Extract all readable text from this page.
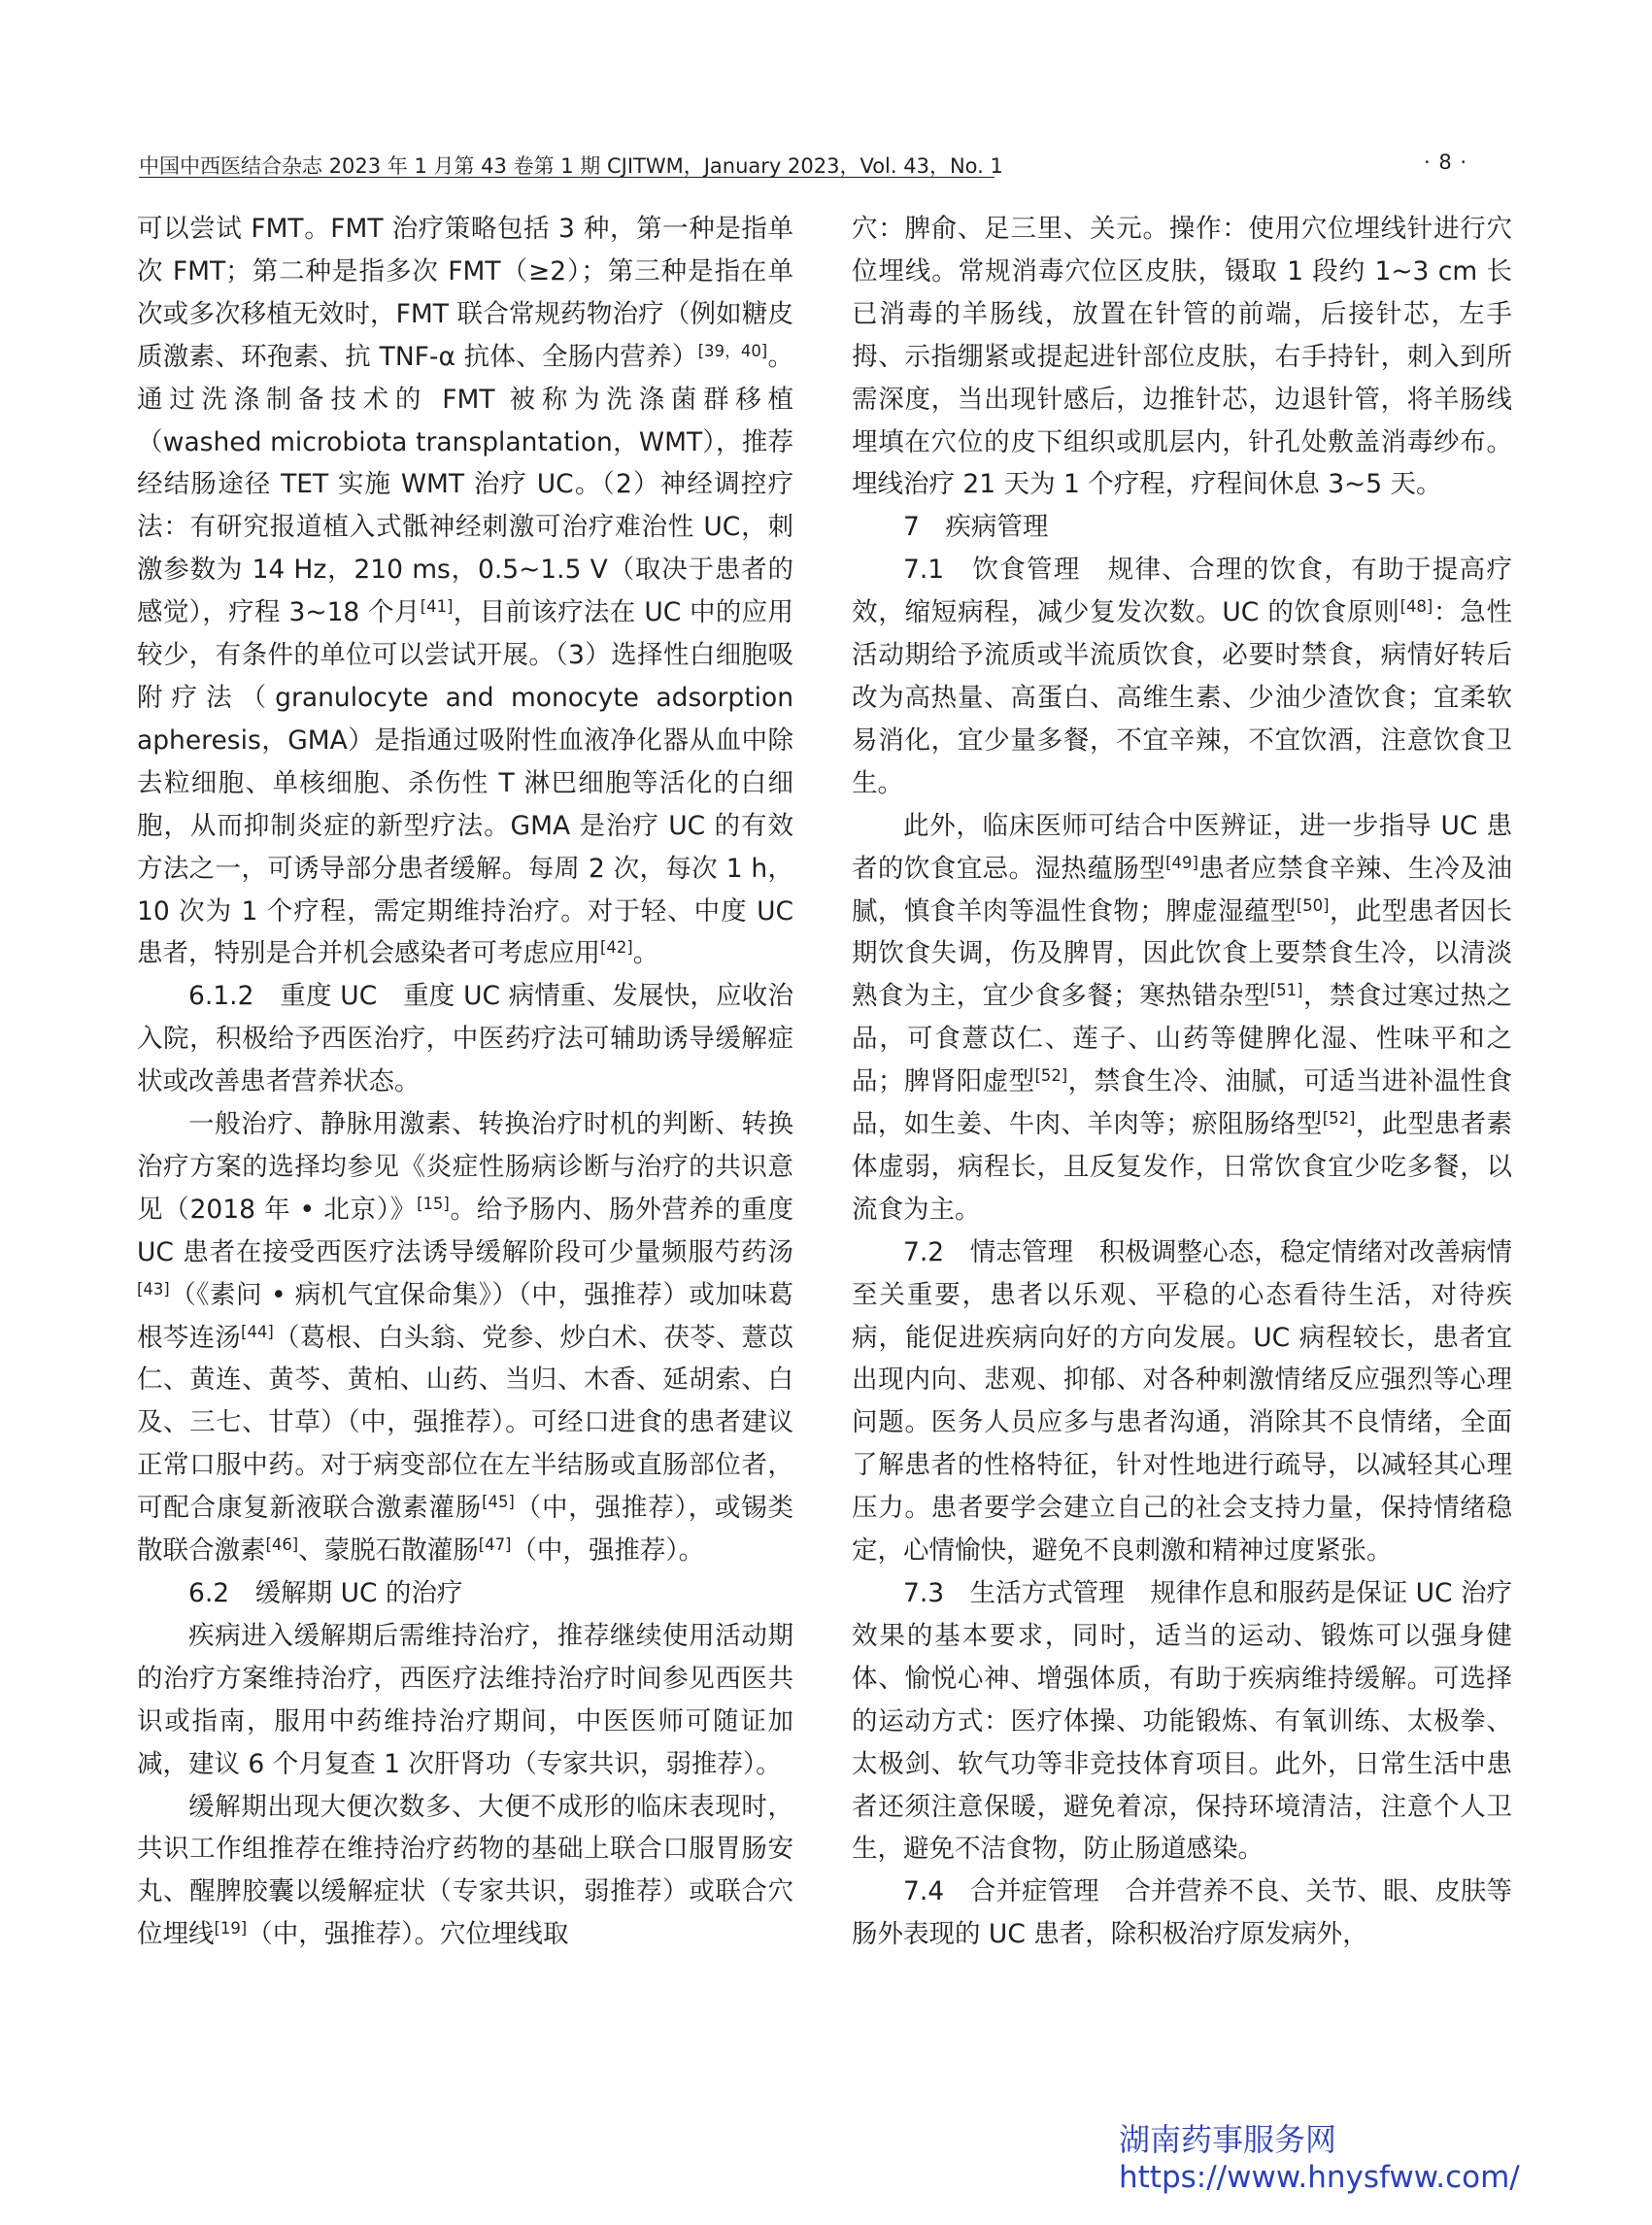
中国中西医结合杂志 2023 年 1 月第 43 卷第 1 期 CJITWM，January 2023，Vol. 43，No. 1	· 8 ·

可以尝试 FMT。FMT 治疗策略包括 3 种，第一种是指单次 FMT；第二种是指多次 FMT（≥2）；第三种是指在单次或多次移植无效时，FMT 联合常规药物治疗（例如糖皮质激素、环孢素、抗 TNF-α 抗体、全肠内营养）[39，40]。通过洗涤制备技术的 FMT 被称为洗涤菌群移植（washed microbiota transplantation，WMT），推荐经结肠途径 TET 实施 WMT 治疗 UC。（2）神经调控疗法：有研究报道植入式骶神经刺激可治疗难治性 UC，刺激参数为 14 Hz，210 ms，0.5~1.5 V（取决于患者的感觉），疗程 3~18 个月[41]，目前该疗法在 UC 中的应用较少，有条件的单位可以尝试开展。（3）选择性白细胞吸附疗法（granulocyte and monocyte adsorption apheresis，GMA）是指通过吸附性血液净化器从血中除去粒细胞、单核细胞、杀伤性 T 淋巴细胞等活化的白细胞，从而抑制炎症的新型疗法。GMA 是治疗 UC 的有效方法之一，可诱导部分患者缓解。每周 2 次，每次 1 h，10 次为 1 个疗程，需定期维持治疗。对于轻、中度 UC 患者，特别是合并机会感染者可考虑应用[42]。

6.1.2　重度 UC　重度 UC 病情重、发展快，应收治入院，积极给予西医治疗，中医药疗法可辅助诱导缓解症状或改善患者营养状态。

一般治疗、静脉用激素、转换治疗时机的判断、转换治疗方案的选择均参见《炎症性肠病诊断与治疗的共识意见（2018 年 • 北京）》[15]。给予肠内、肠外营养的重度 UC 患者在接受西医疗法诱导缓解阶段可少量频服芍药汤[43]（《素问 • 病机气宜保命集》）（中，强推荐）或加味葛根芩连汤[44]（葛根、白头翁、党参、炒白术、茯苓、薏苡仁、黄连、黄芩、黄柏、山药、当归、木香、延胡索、白及、三七、甘草）（中，强推荐）。可经口进食的患者建议正常口服中药。对于病变部位在左半结肠或直肠部位者，可配合康复新液联合激素灌肠[45]（中，强推荐），或锡类散联合激素[46]、蒙脱石散灌肠[47]（中，强推荐）。

6.2　缓解期 UC 的治疗

疾病进入缓解期后需维持治疗，推荐继续使用活动期的治疗方案维持治疗，西医疗法维持治疗时间参见西医共识或指南，服用中药维持治疗期间，中医医师可随证加减，建议 6 个月复查 1 次肝肾功（专家共识，弱推荐）。

缓解期出现大便次数多、大便不成形的临床表现时，共识工作组推荐在维持治疗药物的基础上联合口服胃肠安丸、醒脾胶囊以缓解症状（专家共识，弱推荐）或联合穴位埋线[19]（中，强推荐）。穴位埋线取

穴：脾俞、足三里、关元。操作：使用穴位埋线针进行穴位埋线。常规消毒穴位区皮肤，镊取 1 段约 1~3 cm 长已消毒的羊肠线，放置在针管的前端，后接针芯，左手拇、示指绷紧或提起进针部位皮肤，右手持针，刺入到所需深度，当出现针感后，边推针芯，边退针管，将羊肠线埋填在穴位的皮下组织或肌层内，针孔处敷盖消毒纱布。埋线治疗 21 天为 1 个疗程，疗程间休息 3~5 天。

7　疾病管理

7.1　饮食管理　规律、合理的饮食，有助于提高疗效，缩短病程，减少复发次数。UC 的饮食原则[48]：急性活动期给予流质或半流质饮食，必要时禁食，病情好转后改为高热量、高蛋白、高维生素、少油少渣饮食；宜柔软易消化，宜少量多餐，不宜辛辣，不宜饮酒，注意饮食卫生。

此外，临床医师可结合中医辨证，进一步指导 UC 患者的饮食宜忌。湿热蕴肠型[49]患者应禁食辛辣、生冷及油腻，慎食羊肉等温性食物；脾虚湿蕴型[50]，此型患者因长期饮食失调，伤及脾胃，因此饮食上要禁食生冷，以清淡熟食为主，宜少食多餐；寒热错杂型[51]，禁食过寒过热之品，可食薏苡仁、莲子、山药等健脾化湿、性味平和之品；脾肾阳虚型[52]，禁食生冷、油腻，可适当进补温性食品，如生姜、牛肉、羊肉等；瘀阻肠络型[52]，此型患者素体虚弱，病程长，且反复发作，日常饮食宜少吃多餐，以流食为主。

7.2　情志管理　积极调整心态，稳定情绪对改善病情至关重要，患者以乐观、平稳的心态看待生活，对待疾病，能促进疾病向好的方向发展。UC 病程较长，患者宜出现内向、悲观、抑郁、对各种刺激情绪反应强烈等心理问题。医务人员应多与患者沟通，消除其不良情绪，全面了解患者的性格特征，针对性地进行疏导，以减轻其心理压力。患者要学会建立自己的社会支持力量，保持情绪稳定，心情愉快，避免不良刺激和精神过度紧张。

7.3　生活方式管理　规律作息和服药是保证 UC 治疗效果的基本要求，同时，适当的运动、锻炼可以强身健体、愉悦心神、增强体质，有助于疾病维持缓解。可选择的运动方式：医疗体操、功能锻炼、有氧训练、太极拳、太极剑、软气功等非竞技体育项目。此外，日常生活中患者还须注意保暖，避免着凉，保持环境清洁，注意个人卫生，避免不洁食物，防止肠道感染。

7.4　合并症管理　合并营养不良、关节、眼、皮肤等肠外表现的 UC 患者，除积极治疗原发病外，

湖南药事服务网
https://www.hnysfww.com/
